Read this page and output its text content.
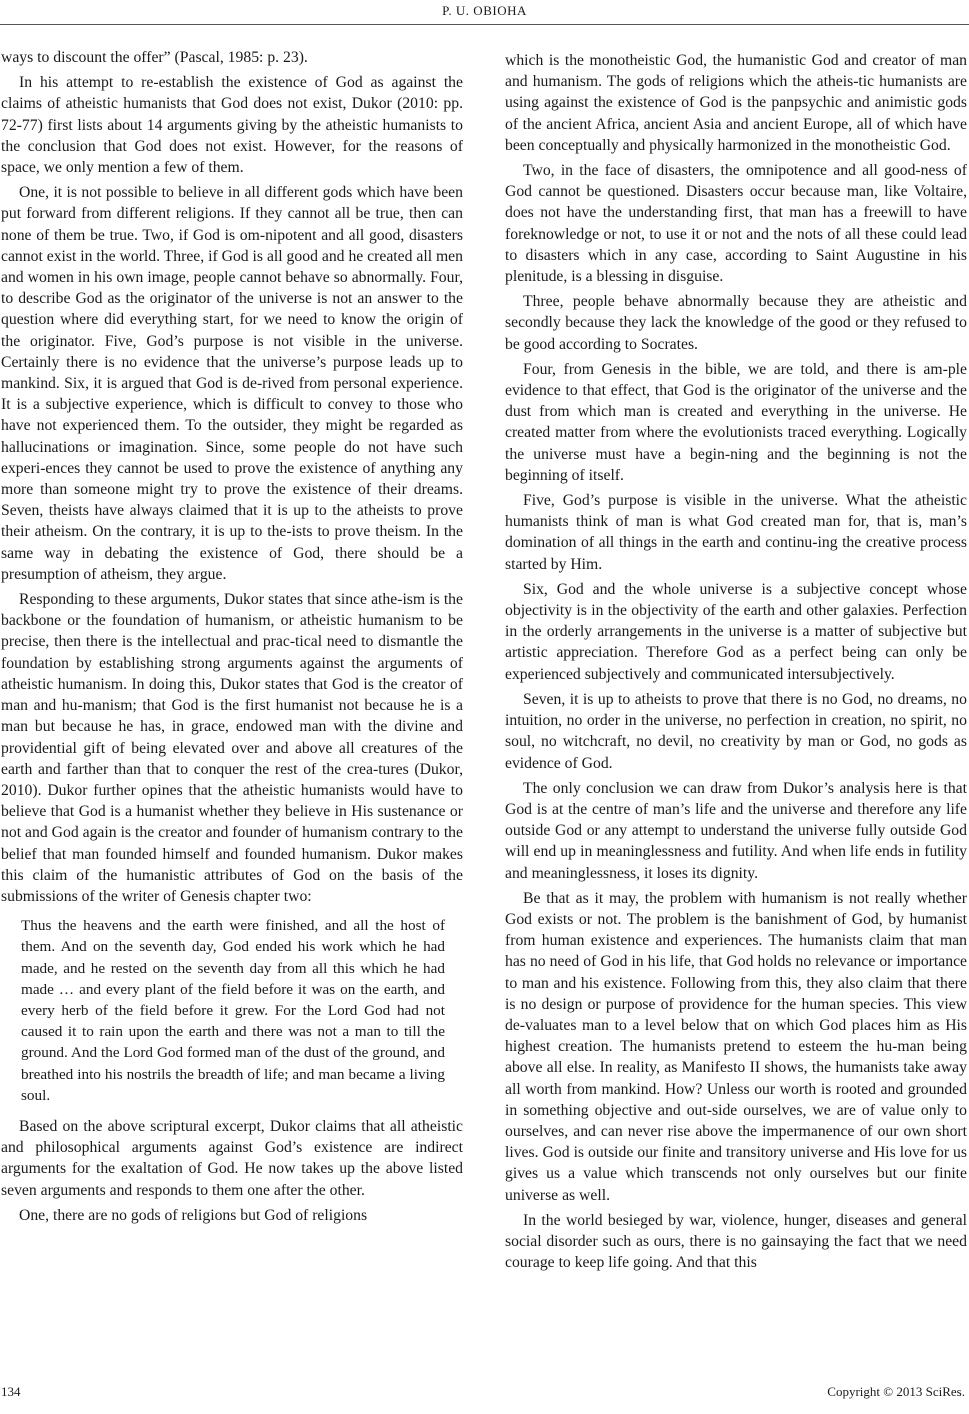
P. U. OBIOHA

ways to discount the offer” (Pascal, 1985: p. 23).

In his attempt to re-establish the existence of God as against the claims of atheistic humanists that God does not exist, Dukor (2010: pp. 72-77) first lists about 14 arguments giving by the atheistic humanists to the conclusion that God does not exist. However, for the reasons of space, we only mention a few of them.

One, it is not possible to believe in all different gods which have been put forward from different religions. If they cannot all be true, then can none of them be true. Two, if God is om-nipotent and all good, disasters cannot exist in the world. Three, if God is all good and he created all men and women in his own image, people cannot behave so abnormally. Four, to describe God as the originator of the universe is not an answer to the question where did everything start, for we need to know the origin of the originator. Five, God’s purpose is not visible in the universe. Certainly there is no evidence that the universe’s purpose leads up to mankind. Six, it is argued that God is de-rived from personal experience. It is a subjective experience, which is difficult to convey to those who have not experienced them. To the outsider, they might be regarded as hallucinations or imagination. Since, some people do not have such experi-ences they cannot be used to prove the existence of anything any more than someone might try to prove the existence of their dreams. Seven, theists have always claimed that it is up to the atheists to prove their atheism. On the contrary, it is up to the-ists to prove theism. In the same way in debating the existence of God, there should be a presumption of atheism, they argue.

Responding to these arguments, Dukor states that since athe-ism is the backbone or the foundation of humanism, or atheistic humanism to be precise, then there is the intellectual and prac-tical need to dismantle the foundation by establishing strong arguments against the arguments of atheistic humanism. In doing this, Dukor states that God is the creator of man and hu-manism; that God is the first humanist not because he is a man but because he has, in grace, endowed man with the divine and providential gift of being elevated over and above all creatures of the earth and farther than that to conquer the rest of the crea-tures (Dukor, 2010). Dukor further opines that the atheistic humanists would have to believe that God is a humanist whether they believe in His sustenance or not and God again is the creator and founder of humanism contrary to the belief that man founded himself and founded humanism. Dukor makes this claim of the humanistic attributes of God on the basis of the submissions of the writer of Genesis chapter two:

Thus the heavens and the earth were finished, and all the host of them. And on the seventh day, God ended his work which he had made, and he rested on the seventh day from all this which he had made … and every plant of the field before it was on the earth, and every herb of the field before it grew. For the Lord God had not caused it to rain upon the earth and there was not a man to till the ground. And the Lord God formed man of the dust of the ground, and breathed into his nostrils the breadth of life; and man became a living soul.

Based on the above scriptural excerpt, Dukor claims that all atheistic and philosophical arguments against God’s existence are indirect arguments for the exaltation of God. He now takes up the above listed seven arguments and responds to them one after the other.

One, there are no gods of religions but God of religions

which is the monotheistic God, the humanistic God and creator of man and humanism. The gods of religions which the atheis-tic humanists are using against the existence of God is the panpsychic and animistic gods of the ancient Africa, ancient Asia and ancient Europe, all of which have been conceptually and physically harmonized in the monotheistic God.

Two, in the face of disasters, the omnipotence and all good-ness of God cannot be questioned. Disasters occur because man, like Voltaire, does not have the understanding first, that man has a freewill to have foreknowledge or not, to use it or not and the nots of all these could lead to disasters which in any case, according to Saint Augustine in his plenitude, is a blessing in disguise.

Three, people behave abnormally because they are atheistic and secondly because they lack the knowledge of the good or they refused to be good according to Socrates.

Four, from Genesis in the bible, we are told, and there is am-ple evidence to that effect, that God is the originator of the universe and the dust from which man is created and everything in the universe. He created matter from where the evolutionists traced everything. Logically the universe must have a begin-ning and the beginning is not the beginning of itself.

Five, God’s purpose is visible in the universe. What the atheistic humanists think of man is what God created man for, that is, man’s domination of all things in the earth and continu-ing the creative process started by Him.

Six, God and the whole universe is a subjective concept whose objectivity is in the objectivity of the earth and other galaxies. Perfection in the orderly arrangements in the universe is a matter of subjective but artistic appreciation. Therefore God as a perfect being can only be experienced subjectively and communicated intersubjectively.

Seven, it is up to atheists to prove that there is no God, no dreams, no intuition, no order in the universe, no perfection in creation, no spirit, no soul, no witchcraft, no devil, no creativity by man or God, no gods as evidence of God.

The only conclusion we can draw from Dukor’s analysis here is that God is at the centre of man’s life and the universe and therefore any life outside God or any attempt to understand the universe fully outside God will end up in meaninglessness and futility. And when life ends in futility and meaninglessness, it loses its dignity.

Be that as it may, the problem with humanism is not really whether God exists or not. The problem is the banishment of God, by humanist from human existence and experiences. The humanists claim that man has no need of God in his life, that God holds no relevance or importance to man and his existence. Following from this, they also claim that there is no design or purpose of providence for the human species. This view de-valuates man to a level below that on which God places him as His highest creation. The humanists pretend to esteem the hu-man being above all else. In reality, as Manifesto II shows, the humanists take away all worth from mankind. How? Unless our worth is rooted and grounded in something objective and out-side ourselves, we are of value only to ourselves, and can never rise above the impermanence of our own short lives. God is outside our finite and transitory universe and His love for us gives us a value which transcends not only ourselves but our finite universe as well.

In the world besieged by war, violence, hunger, diseases and general social disorder such as ours, there is no gainsaying the fact that we need courage to keep life going. And that this

134	Copyright © 2013 SciRes.
